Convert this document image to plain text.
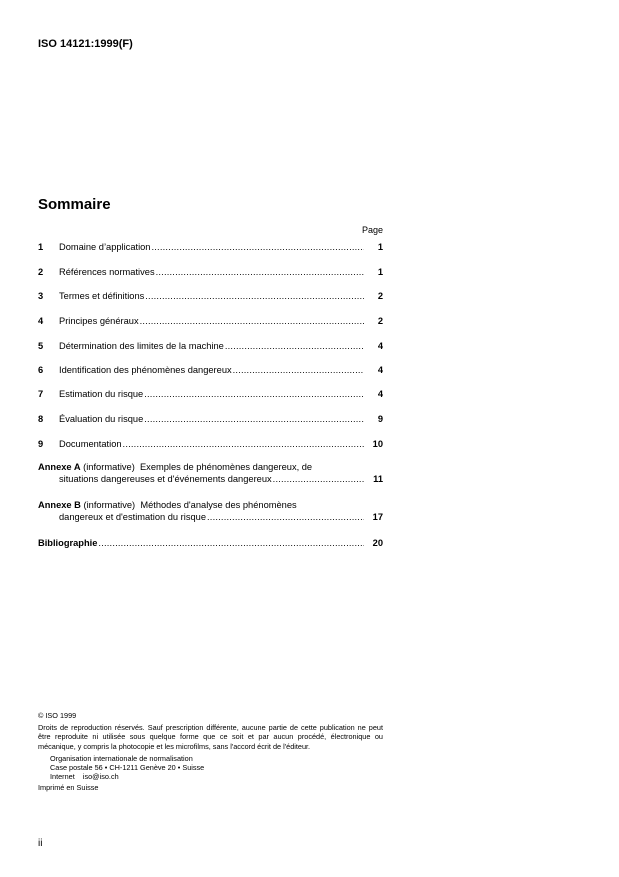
ISO 14121:1999(F)
Sommaire
Page
1	Domaine d’application .....	1
2	Références normatives .....	1
3	Termes et définitions .....	2
4	Principes généraux .....	2
5	Détermination des limites de la machine .....	4
6	Identification des phénomènes dangereux .....	4
7	Estimation du risque .....	4
8	Évaluation du risque .....	9
9	Documentation .....	10
Annexe A (informative) Exemples de phénomènes dangereux, de
situations dangereuses et d'événements dangereux .....	11
Annexe B (informative) Méthodes d'analyse des phénomènes
dangereux et d'estimation du risque .....	17
Bibliographie .....	20
© ISO 1999
Droits de reproduction réservés. Sauf prescription différente, aucune partie de cette publication ne peut être reproduite ni utilisée sous quelque forme que ce soit et par aucun procédé, électronique ou mécanique, y compris la photocopie et les microfilms, sans l'accord écrit de l'éditeur.
Organisation internationale de normalisation
Case postale 56 • CH-1211 Genève 20 • Suisse
Internet    iso@iso.ch
Imprimé en Suisse
ii
